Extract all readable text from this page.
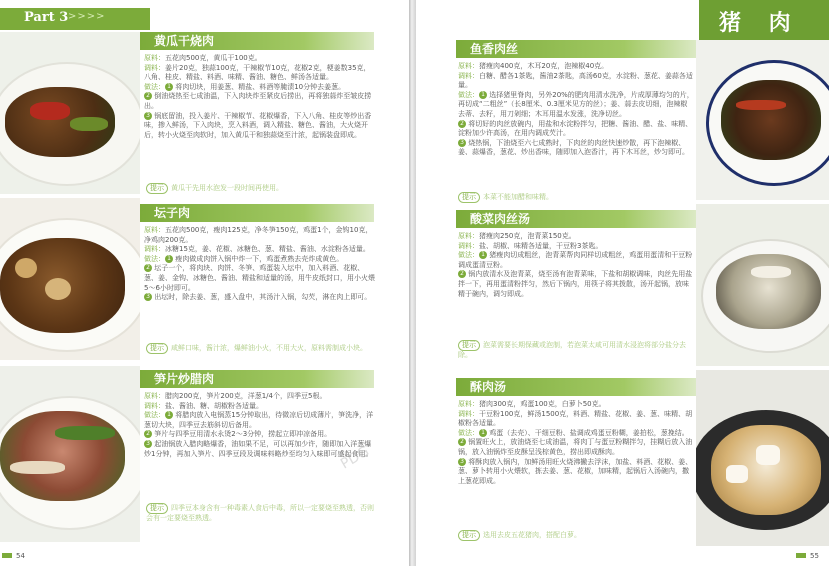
Part 3 >>>>
黄瓜干烧肉

原料：五花肉500克，黄瓜干100克。

调料：姜片20克，独蒜100克，干辣椒节10克，花椒2克，梗姜数35克，八角、桂皮、精盐、料酒、味精、酱油、糖色、鲜汤各适量。

做法： 1 将肉切块，用姜葱、精盐、料酒等腌渍10分钟去姜葱。

2 倒油烧热至七成油温，下入肉块炸至紧皮后捞出，再将独蒜炸至皱皮捞出。

3 锅底留油，投入姜片、干辣椒节、花椒爆香，下入八角、桂皮等炒出香味，掺入鲜汤，下入肉块，烹入料酒，调入精盐、糖色、酱油，大火烧开后，转小火烧至肉软时，加入黄瓜干和独蒜烧至汁浓，起锅装盘即成。

提示 黄瓜干先用水泡发一段时间再使用。
坛子肉

原料：五花肉500克，瘦肉125克，净冬笋150克，鸡蛋1个，金钩10克，净鸡肉200克。

调料：冰糖15克，姜、花椒、冰糖色、葱、精盐、酱油、水淀粉各适量。

做法： 1 瘦肉做成肉饼入锅中炸一下，鸡蛋煮熟去壳炸成黄色。

2 坛子一个，将肉块、肉饼、冬笋、鸡蛋装入坛中，加入料酒、花椒、葱、姜、金钩、冰糖色、酱油、精盐和适量的汤，用牛皮纸封口，用小火煨5～6小时即可。

3 出坛时，除去姜、葱，盛入盘中，其汤汁入锅，勾芡，淋在肉上即可。

提示 咸鲜口味，酱汁浓，爆鲜油小火，不用大火，原料需制成小块。
笋片炒腊肉

原料：腊肉200克，笋片200克，洋葱1/4个，四季豆5根。

调料：盐、酱油、糖、胡椒粉各适量。

做法： 1 将腊肉放入电锅蒸15分钟取出，待微凉后切成薄片，笋洗净，洋葱切大块，四季豆去筋斜切后备用。

2 笋片与四季豆用清水永烫2～3分钟，捞起立即冲凉备用。

3 起油锅放入腊肉略爆香，油如果不足，可以再加少许，随即加入洋葱爆炒1分钟，再加入笋片、四季豆段及调味料略炒至均匀入味即可盛起食用。

提示 四季豆本身含有一种毒素人食后中毒，所以一定要烧至熟透，否则会有一定要烧至熟透。
54
猪 肉
鱼香肉丝

原料：猪瘦肉400克，木耳20克，泡辣椒40克。

调料：白糖、醋各1茶匙，酱油2茶匙，高汤60克，水淀粉、葱花、姜蒜各适量。

做法： 1 选择猪里脊肉，另外20%的肥肉用清水洗净，片成厚薄均匀的片，再切成“二粗丝”（长8厘米、0.3厘米见方的丝）；姜、蒜去皮切细，泡辣椒去蒂、去籽，用刀剁细；木耳用温水发涨，洗净切丝。

2 将切好的肉丝放碗内，用盐和水淀粉拌匀，把糖、酱油、醋、盐、味精、淀粉加少许高汤，在用内调成芡汁。

3 烧热锅，下油烧至六七成熟时，下肉丝的肉丝快速炒散，再下泡辣椒、姜、蒜爆香，葱花、炒出香味，随即加入泡香汁，再下木耳丝，炒匀即可。

提示 本菜不能加醋和味精。
酸菜肉丝汤

原料：猪瘦肉250克，泡青菜150克。

调料：盐、胡椒、味精各适量，干豆粉3茶匙。

做法： 1 猪瘦肉切成粗丝，泡青菜帮肉同样切成粗丝，鸡蛋用蛋清和干豆粉调成蛋清豆粉。

2 锅内放清水及泡青菜，烧至汤有泡青菜味，下盐和胡椒调味，肉丝先用盐拌一下，再用蛋清粉拌匀，然后下锅内，用筷子将其拨散，汤开起锅，放味精于碗内，调匀即成。

提示 泡菜需要长期保藏或泡制，若泡菜太咸可用清水浸泡将部分盐分去除。
酥肉汤

原料：猪肉300克，鸡蛋100克，白萝卜50克。

调料：干豆粉100克，鲜汤1500克，料酒、精盐、花椒、姜、葱、味精、胡椒粉各适量。

做法： 1 鸡蛋（去壳）、干细豆粉、盐调成鸡蛋豆粉糊，姜拍松，葱挽结。

2 锅置旺火上，放油烧至七成油温，将肉丁与蛋豆粉糊拌匀，挂糊后放入油锅，放入油锅炸至皮酥呈浅棕黄色，捞出即成酥肉。

3 将酥肉放入锅内，加鲜汤用旺火烧沸撇去浮沫，加盐、料酒、花椒、姜、葱、萝卜转用小火煨软，拣去姜、葱、花椒，加味精，起锅后入汤碗内，撒上葱花即成。

提示 选用去皮五花猪肉，搭配白萝。
55
PDG
